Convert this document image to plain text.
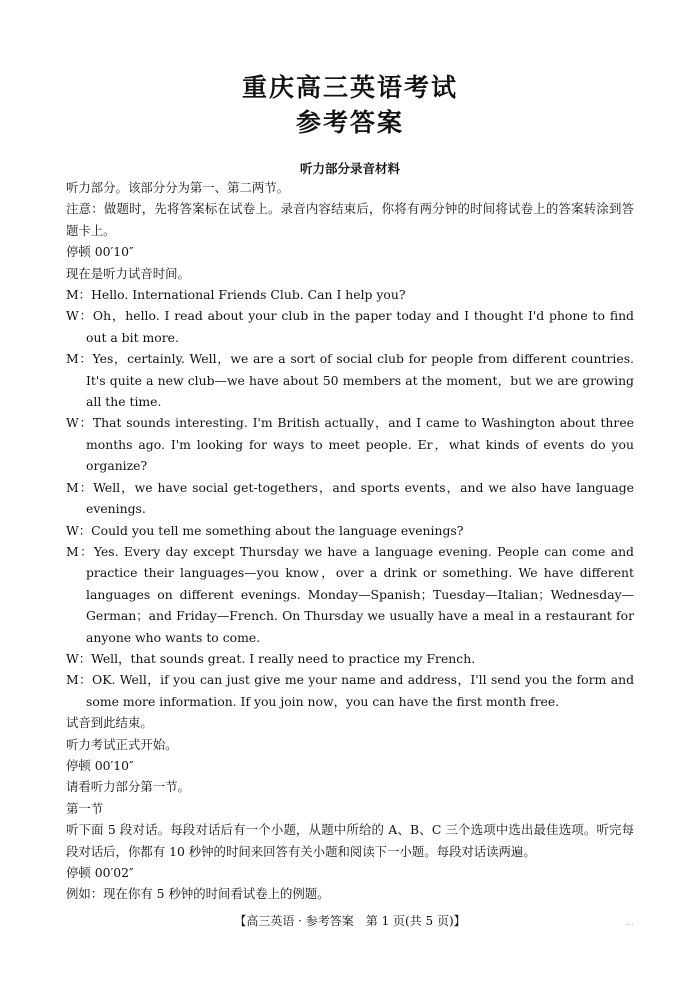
重庆高三英语考试
参考答案
听力部分录音材料

听力部分。该部分分为第一、第二两节。

注意：做题时，先将答案标在试卷上。录音内容结束后，你将有两分钟的时间将试卷上的答案转涂到答题卡上。

停顿 00′10″

现在是听力试音时间。

M：Hello. International Friends Club. Can I help you?

W：Oh，hello. I read about your club in the paper today and I thought I'd phone to find out a bit more.

M：Yes，certainly. Well，we are a sort of social club for people from different countries. It's quite a new club—we have about 50 members at the moment，but we are growing all the time.

W：That sounds interesting. I'm British actually，and I came to Washington about three months ago. I'm looking for ways to meet people. Er，what kinds of events do you organize?

M：Well，we have social get-togethers，and sports events，and we also have language evenings.

W：Could you tell me something about the language evenings?

M：Yes. Every day except Thursday we have a language evening. People can come and practice their languages—you know，over a drink or something. We have different languages on different evenings. Monday—Spanish；Tuesday—Italian；Wednesday—German；and Friday—French. On Thursday we usually have a meal in a restaurant for anyone who wants to come.

W：Well，that sounds great. I really need to practice my French.

M：OK. Well，if you can just give me your name and address，I'll send you the form and some more information. If you join now，you can have the first month free.

试音到此结束。

听力考试正式开始。

停顿 00′10″

请看听力部分第一节。

第一节

听下面 5 段对话。每段对话后有一个小题，从题中所给的 A、B、C 三个选项中选出最佳选项。听完每段对话后，你都有 10 秒钟的时间来回答有关小题和阅读下一小题。每段对话读两遍。

停顿 00′02″

例如：现在你有 5 秒钟的时间看试卷上的例题。

【高三英语 · 参考答案　第 1 页(共 5 页)】	...
